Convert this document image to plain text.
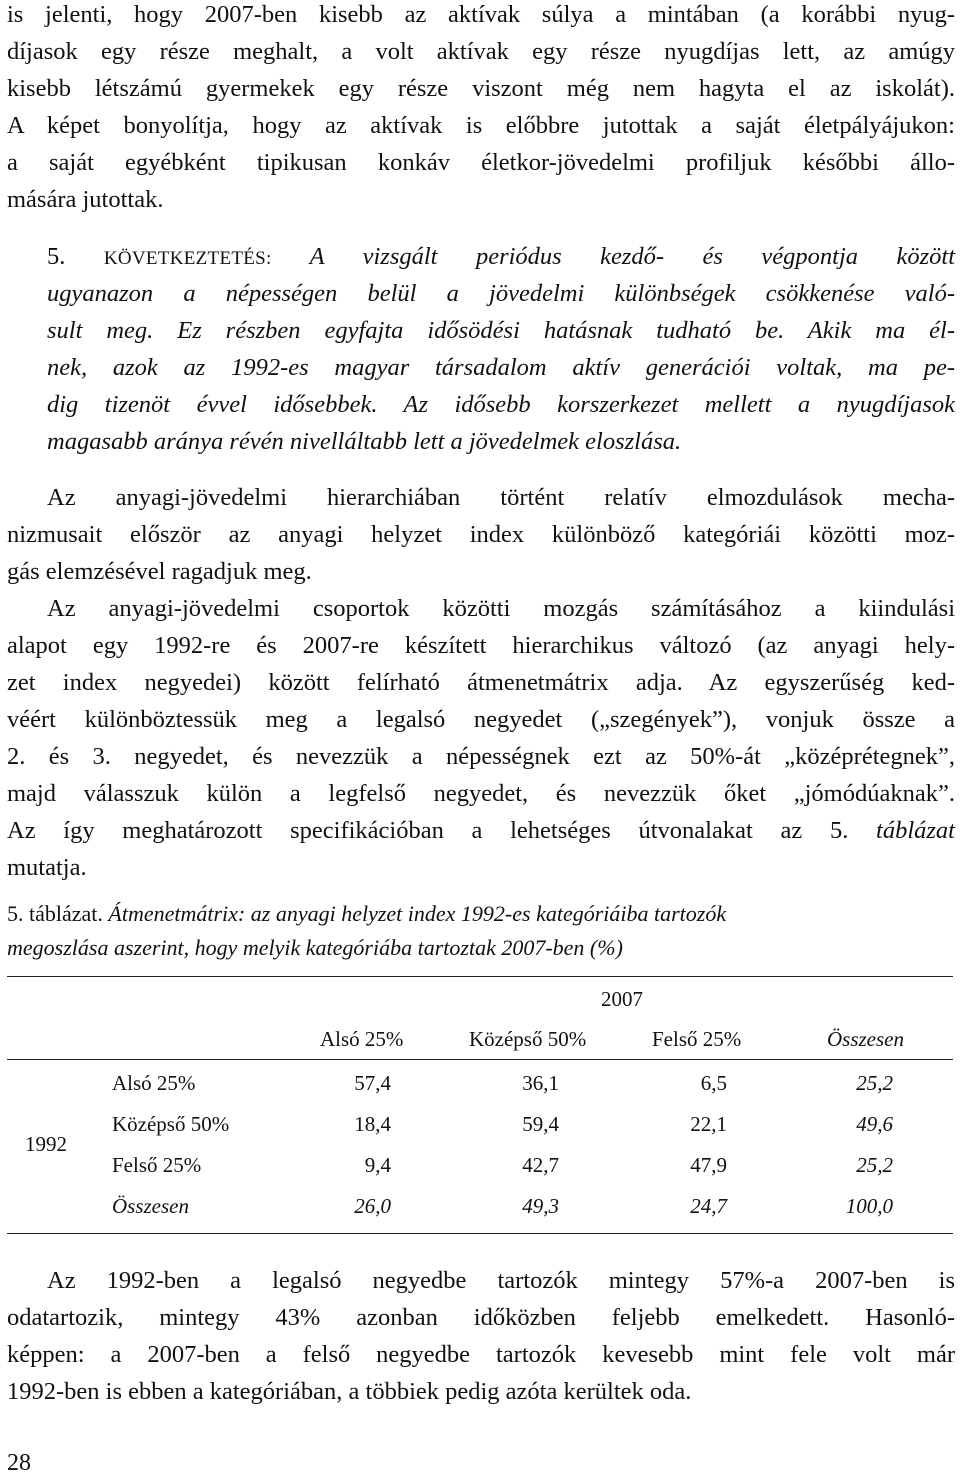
is jelenti, hogy 2007-ben kisebb az aktívak súlya a mintában (a korábbi nyug-
díjasok egy része meghalt, a volt aktívak egy része nyugdíjas lett, az amúgy
kisebb létszámú gyermekek egy része viszont még nem hagyta el az iskolát).
A képet bonyolítja, hogy az aktívak is előbbre jutottak a saját életpályájukon:
a saját egyébként tipikusan konkáv életkor-jövedelmi profiljuk későbbi állo-
mására jutottak.
5. KÖVETKEZTETÉS: A vizsgált periódus kezdő- és végpontja között
ugyanazon a népességen belül a jövedelmi különbségek csökkenése való-
sult meg. Ez részben egyfajta idősödési hatásnak tudható be. Akik ma él-
nek, azok az 1992-es magyar társadalom aktív generációi voltak, ma pe-
dig tizenöt évvel idősebbek. Az idősebb korszerkezet mellett a nyugdíjasok
magasabb aránya révén nivelláltabb lett a jövedelmek eloszlása.
Az anyagi-jövedelmi hierarchiában történt relatív elmozdulások mecha-
nizmusait először az anyagi helyzet index különböző kategóriái közötti moz-
gás elemzésével ragadjuk meg.
Az anyagi-jövedelmi csoportok közötti mozgás számításához a kiindulási
alapot egy 1992-re és 2007-re készített hierarchikus változó (az anyagi hely-
zet index negyedei) között felírható átmenetmátrix adja. Az egyszerűség ked-
véért különböztessük meg a legalsó negyedet („szegények”), vonjuk össze a
2. és 3. negyedet, és nevezzük a népességnek ezt az 50%-át „középrétegnek”,
majd válasszuk külön a legfelső negyedet, és nevezzük őket „jómódúaknak”.
Az így meghatározott specifikációban a lehetséges útvonalakat az 5. táblázat
mutatja.
5. táblázat. Átmenetmátrix: az anyagi helyzet index 1992-es kategóriáiba tartozók
megoszlása aszerint, hogy melyik kategóriába tartoztak 2007-ben (%)
2007
Alsó 25%	Középső 50%	Felső 25%	Összesen
1992
Alsó 25%	57,4	36,1	6,5	25,2
Középső 50%	18,4	59,4	22,1	49,6
Felső 25%	9,4	42,7	47,9	25,2
Összesen	26,0	49,3	24,7	100,0
Az 1992-ben a legalsó negyedbe tartozók mintegy 57%-a 2007-ben is
odatartozik, mintegy 43% azonban időközben feljebb emelkedett. Hasonló-
képpen: a 2007-ben a felső negyedbe tartozók kevesebb mint fele volt már
1992-ben is ebben a kategóriában, a többiek pedig azóta kerültek oda.
28
